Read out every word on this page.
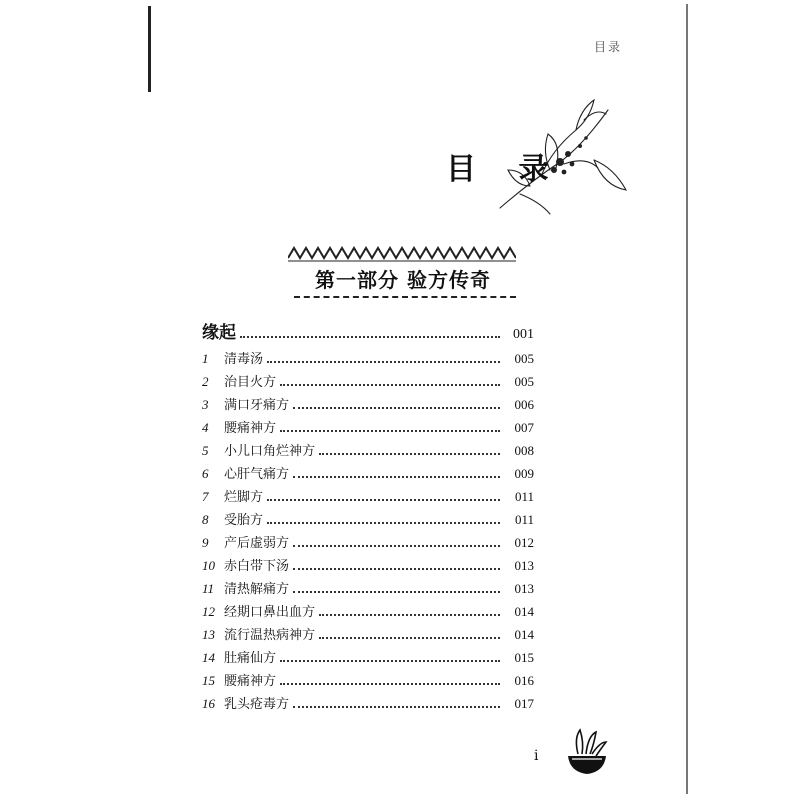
目录
目 录
第一部分 验方传奇
缘起	001
1	清毒汤	005
2	治目火方	005
3	满口牙痛方	006
4	腰痛神方	007
5	小儿口角烂神方	008
6	心肝气痛方	009
7	烂脚方	011
8	受胎方	011
9	产后虚弱方	012
10 赤白带下汤	013
11 清热解痛方	013
12 经期口鼻出血方	014
13 流行温热病神方	014
14 肚痛仙方	015
15 腰痛神方	016
16 乳头疮毒方	017
i
